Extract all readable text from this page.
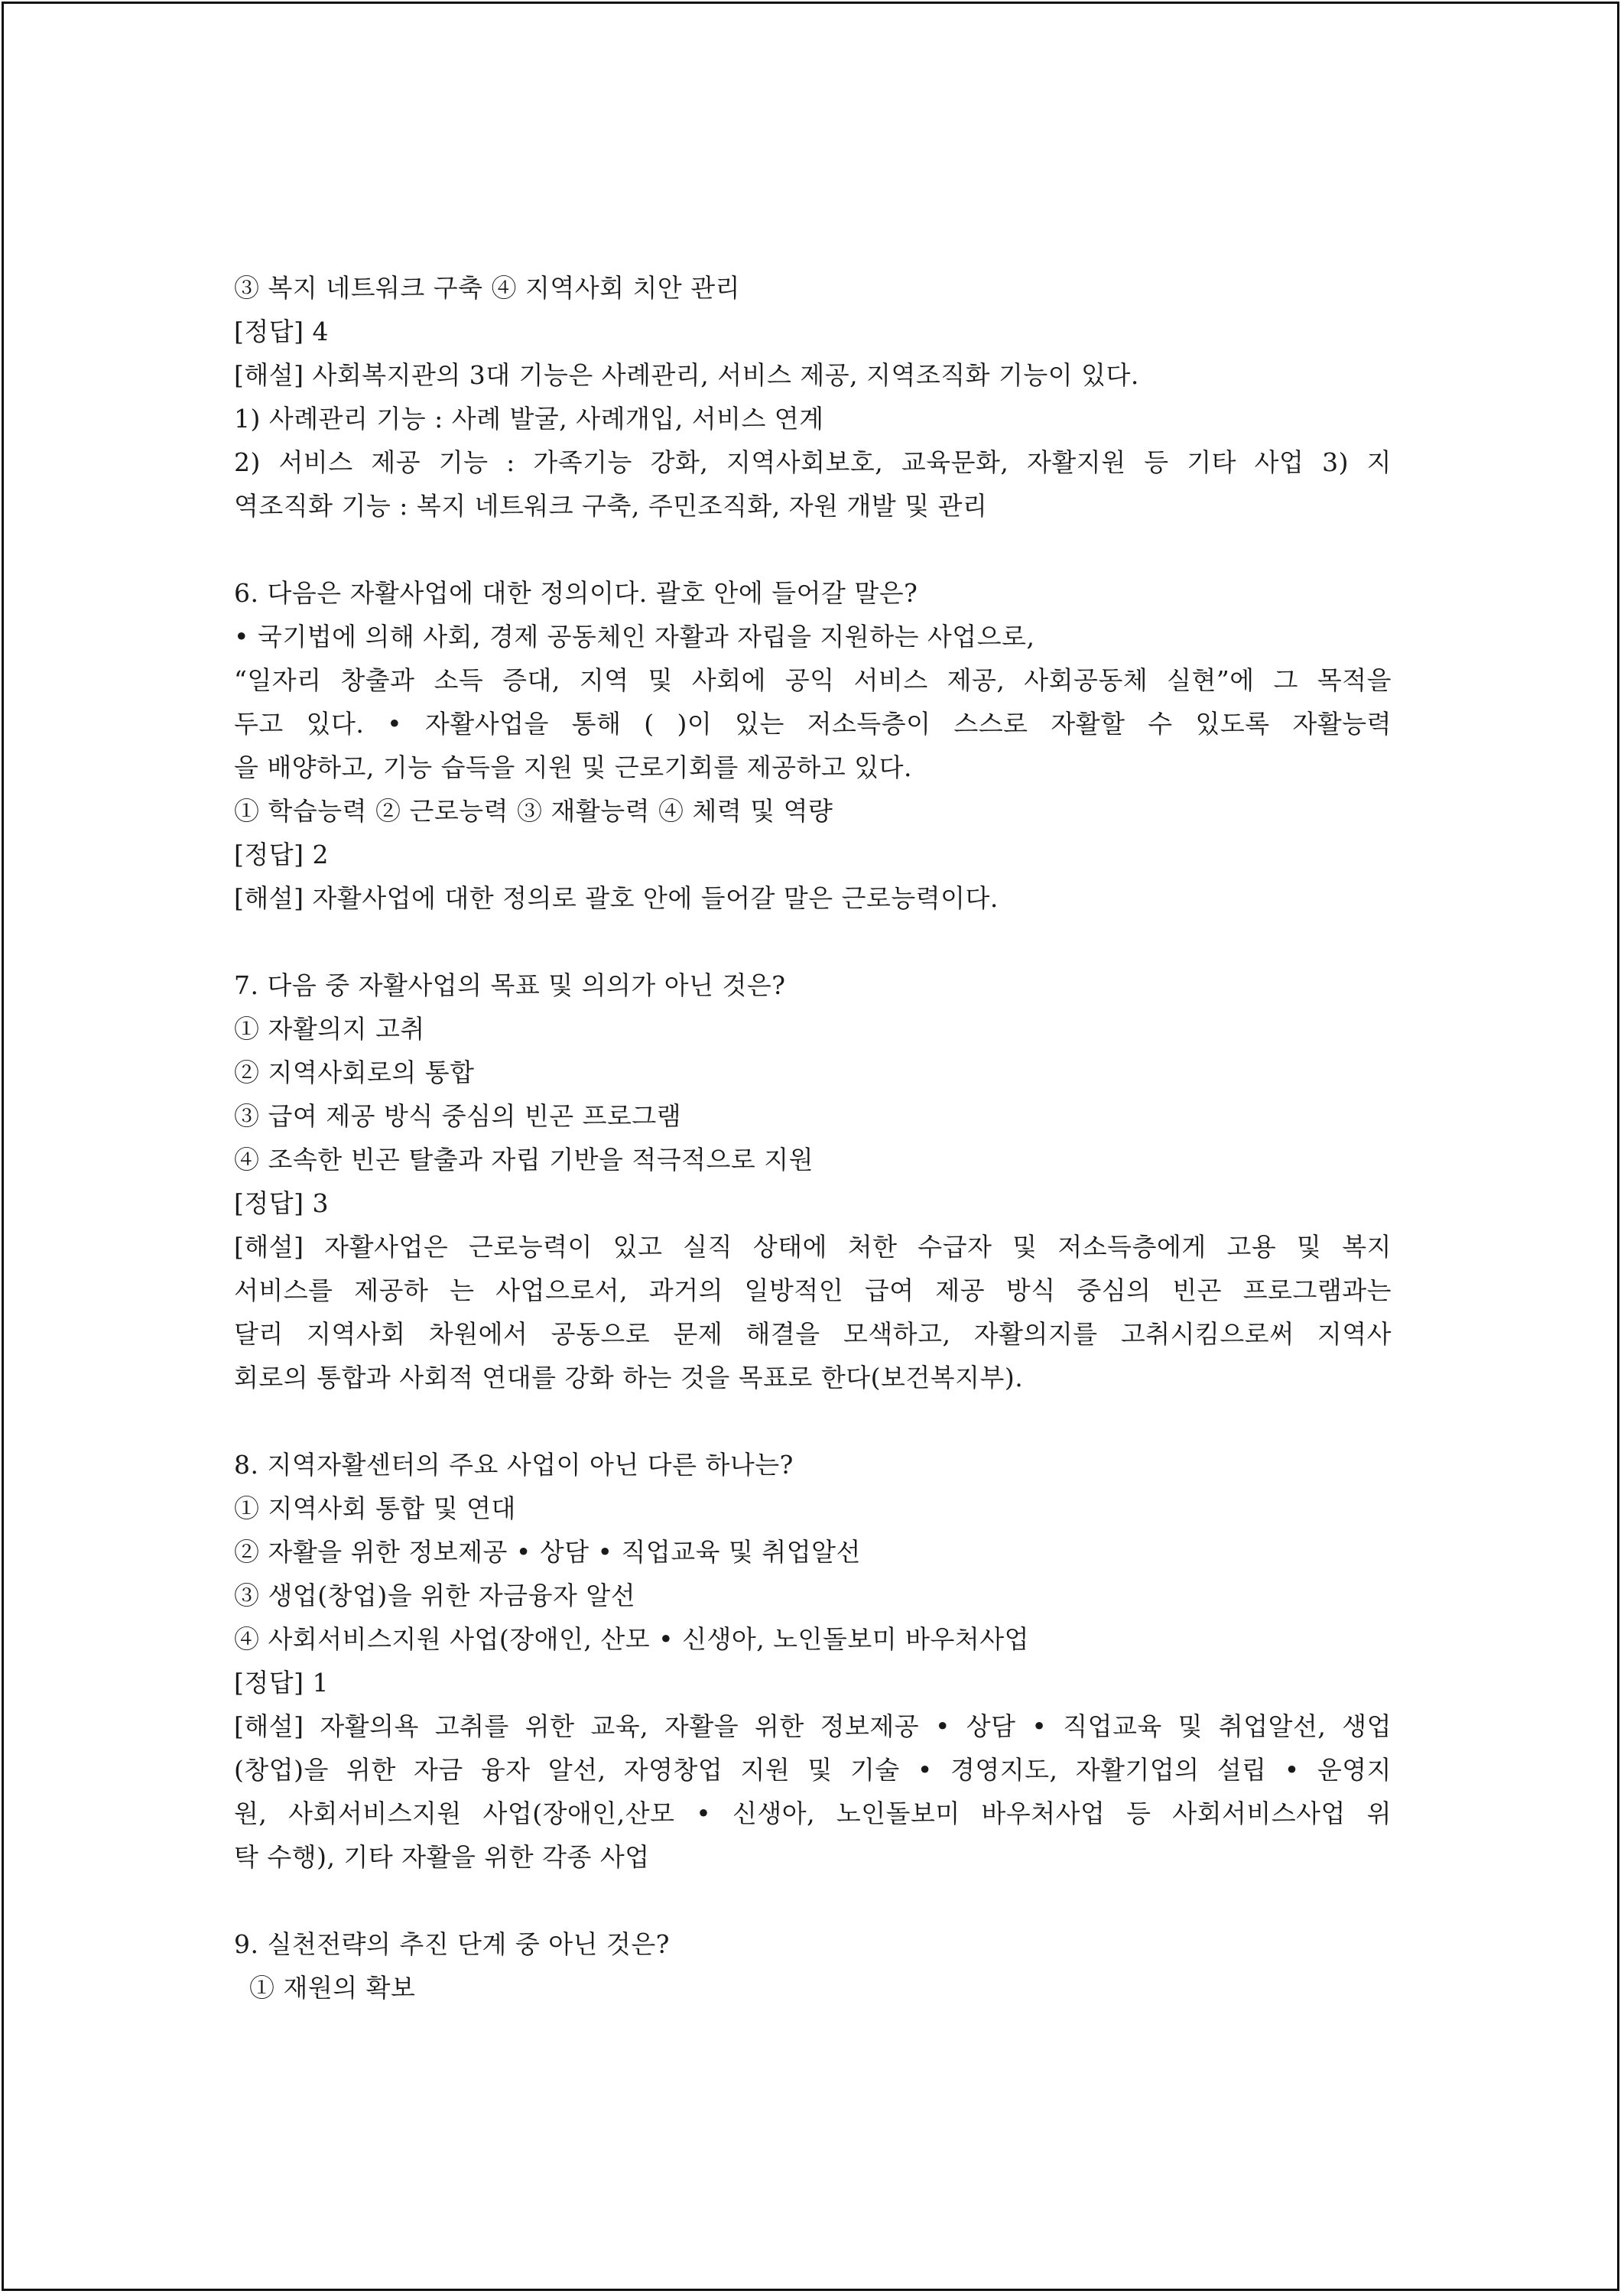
③ 복지 네트워크 구축 ④ 지역사회 치안 관리
[정답] 4
[해설] 사회복지관의 3대 기능은 사례관리, 서비스 제공, 지역조직화 기능이 있다.
1) 사례관리 기능 : 사례 발굴, 사례개입, 서비스 연계
2) 서비스 제공 기능 : 가족기능 강화, 지역사회보호, 교육문화, 자활지원 등 기타 사업 3) 지
역조직화 기능 : 복지 네트워크 구축, 주민조직화, 자원 개발 및 관리
6. 다음은 자활사업에 대한 정의이다. 괄호 안에 들어갈 말은?
• 국기법에 의해 사회, 경제 공동체인 자활과 자립을 지원하는 사업으로,
“일자리 창출과 소득 증대, 지역 및 사회에 공익 서비스 제공, 사회공동체 실현”에 그 목적을
두고 있다. • 자활사업을 통해 ( )이 있는 저소득층이 스스로 자활할 수 있도록 자활능력
을 배양하고, 기능 습득을 지원 및 근로기회를 제공하고 있다.
① 학습능력 ② 근로능력 ③ 재활능력 ④ 체력 및 역량
[정답] 2
[해설] 자활사업에 대한 정의로 괄호 안에 들어갈 말은 근로능력이다.
7. 다음 중 자활사업의 목표 및 의의가 아닌 것은?
① 자활의지 고취
② 지역사회로의 통합
③ 급여 제공 방식 중심의 빈곤 프로그램
④ 조속한 빈곤 탈출과 자립 기반을 적극적으로 지원
[정답] 3
[해설] 자활사업은 근로능력이 있고 실직 상태에 처한 수급자 및 저소득층에게 고용 및 복지
서비스를 제공하 는 사업으로서, 과거의 일방적인 급여 제공 방식 중심의 빈곤 프로그램과는
달리 지역사회 차원에서 공동으로 문제 해결을 모색하고, 자활의지를 고취시킴으로써 지역사
회로의 통합과 사회적 연대를 강화 하는 것을 목표로 한다(보건복지부).
8. 지역자활센터의 주요 사업이 아닌 다른 하나는?
① 지역사회 통합 및 연대
② 자활을 위한 정보제공 • 상담 • 직업교육 및 취업알선
③ 생업(창업)을 위한 자금융자 알선
④ 사회서비스지원 사업(장애인, 산모 • 신생아, 노인돌보미 바우처사업
[정답] 1
[해설] 자활의욕 고취를 위한 교육, 자활을 위한 정보제공 • 상담 • 직업교육 및 취업알선, 생업
(창업)을 위한 자금 융자 알선, 자영창업 지원 및 기술 • 경영지도, 자활기업의 설립 • 운영지
원, 사회서비스지원 사업(장애인,산모 • 신생아, 노인돌보미 바우처사업 등 사회서비스사업 위
탁 수행), 기타 자활을 위한 각종 사업
9. 실천전략의 추진 단계 중 아닌 것은?
① 재원의 확보
